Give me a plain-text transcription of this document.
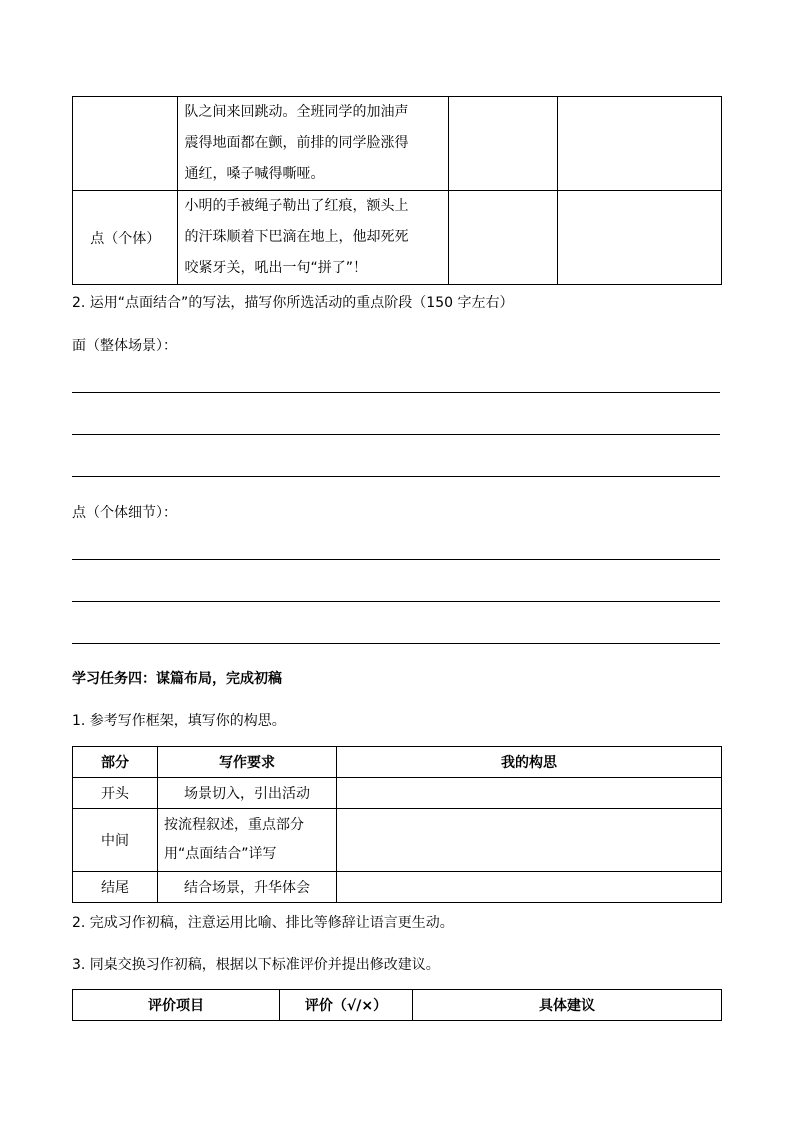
	队之间来回跳动。全班同学的加油声
震得地面都在颤，前排的同学脸涨得
通红，嗓子喊得嘶哑。		

点（个体）	小明的手被绳子勒出了红痕，额头上
的汗珠顺着下巴滴在地上，他却死死
咬紧牙关，吼出一句“拼了”！		

2. 运用“点面结合”的写法，描写你所选活动的重点阶段（150 字左右）
面（整体场景）：
点（个体细节）：
学习任务四：谋篇布局，完成初稿
1. 参考写作框架，填写你的构思。
部分	写作要求	我的构思
开头	场景切入，引出活动	
中间	按流程叙述，重点部分
用“点面结合”详写	

结尾	结合场景，升华体会	
2. 完成习作初稿，注意运用比喻、排比等修辞让语言更生动。
3. 同桌交换习作初稿，根据以下标准评价并提出修改建议。
评价项目	评价（√/×）	具体建议
